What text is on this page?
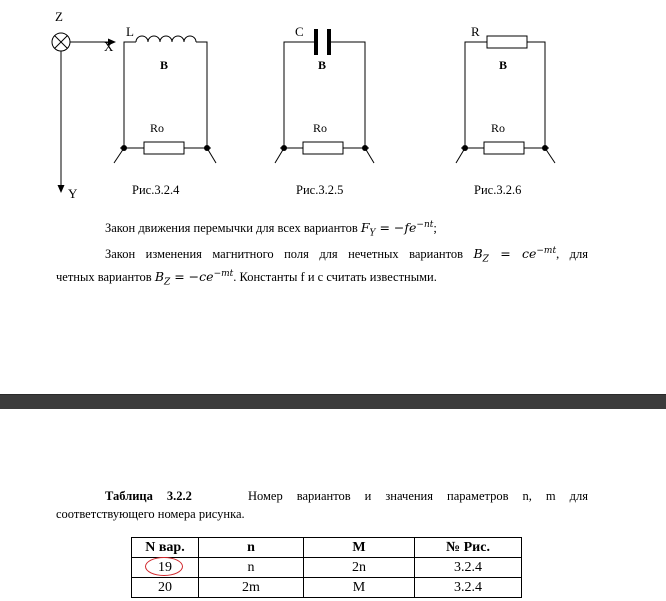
Z
X
Y
L
B
Ro
Рис.3.2.4
C
B
Ro
Рис.3.2.5
R
B
Ro
Рис.3.2.6
Закон движения перемычки для всех вариантов $F_Y = -fe^{-nt}$;
Закон изменения магнитного поля для нечетных вариантов $B_Z = ce^{-mt}$, для
четных вариантов $B_Z = -ce^{-mt}$. Константы f и c считать известными.
Таблица 3.2.2	Номер вариантов и значения параметров n, m для
соответствующего номера рисунка.
N вар.	n	M	№ Рис.

19	n	2n	3.2.4
20	2m	M	3.2.4
